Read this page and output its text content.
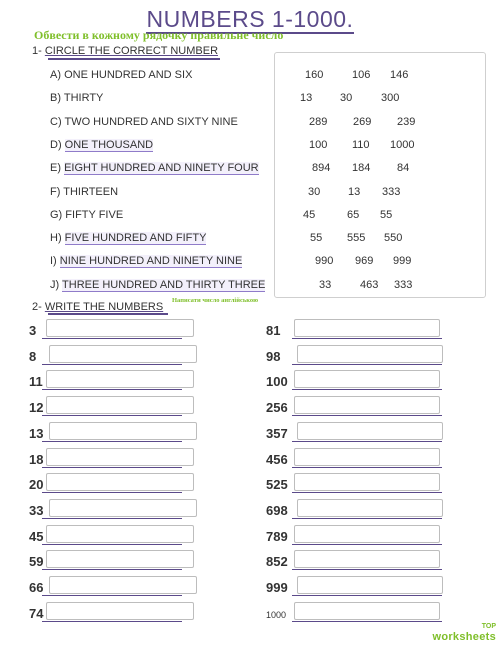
NUMBERS 1-1000.
Обвести в кожному рядочку правильне число
1- CIRCLE THE CORRECT NUMBER
A) ONE HUNDRED AND SIX	160	106 146
B) THIRTY	13	30	300
C) TWO HUNDRED AND SIXTY NINE	289 269 239
D) ONE THOUSAND	100 110 1000
E) EIGHT HUNDRED AND NINETY FOUR	894 184 84
F) THIRTEEN	30	13 333
G) FIFTY FIVE	45	65 55
H) FIVE HUNDRED AND FIFTY	55 555 550
I) NINE HUNDRED AND NINETY NINE	990 969 999
J) THREE HUNDRED AND THIRTY THREE	33	463 333
2- WRITE THE NUMBERS
Написати число англійською
3
8
11
12
13
18
20
33
45
59
66
74
81
98
100
256
357
456
525
698
789
852
999
1000
TOP
worksheets
